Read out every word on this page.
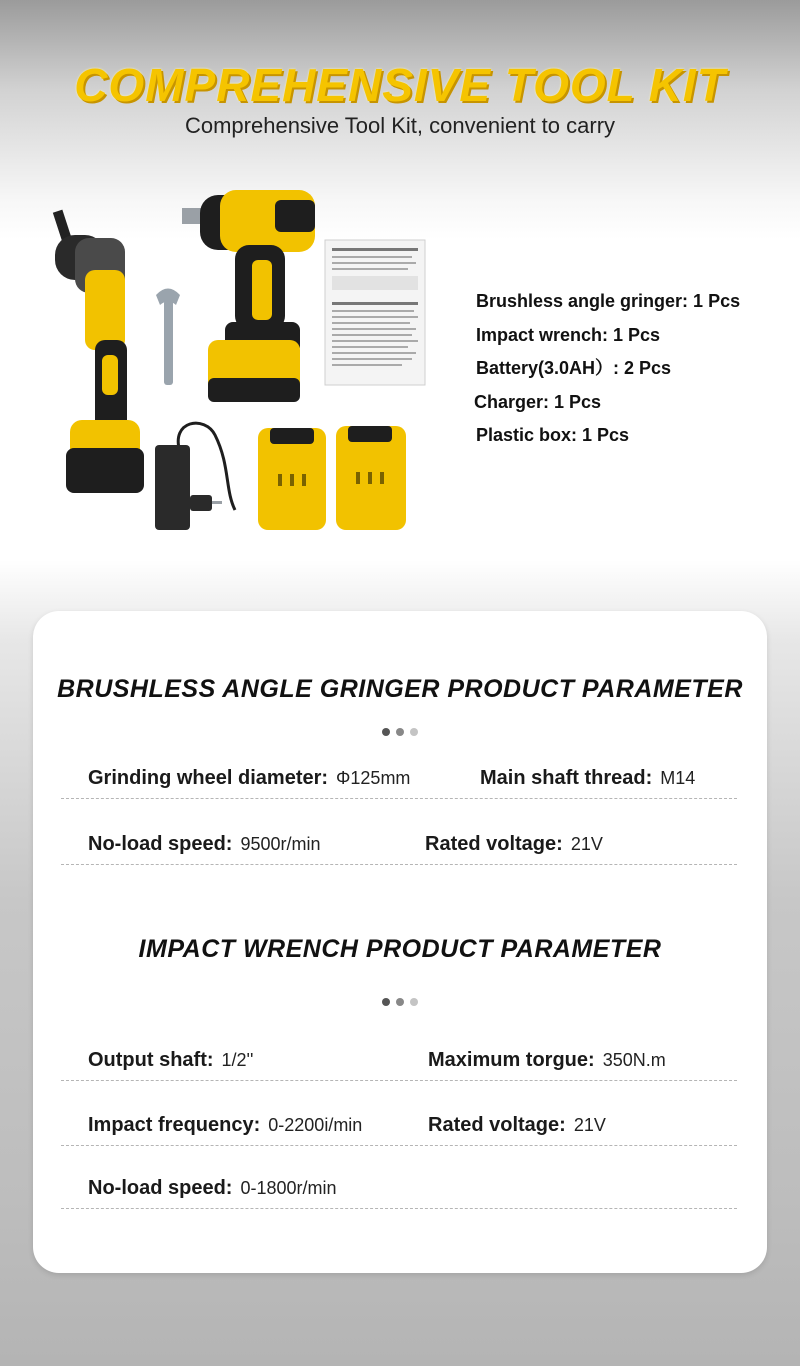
COMPREHENSIVE TOOL KIT
Comprehensive Tool Kit, convenient to carry
Brushless angle gringer: 1 Pcs
Impact wrench: 1 Pcs
Battery(3.0AH）: 2 Pcs
Charger: 1 Pcs
Plastic box: 1 Pcs
BRUSHLESS ANGLE GRINGER PRODUCT PARAMETER
Grinding wheel diameter: Φ125mm	Main shaft thread: M14
No-load speed: 9500r/min	Rated voltage: 21V
IMPACT WRENCH PRODUCT PARAMETER
Output shaft: 1/2''	Maximum torgue: 350N.m
Impact frequency: 0-2200i/min	Rated voltage: 21V
No-load speed: 0-1800r/min
